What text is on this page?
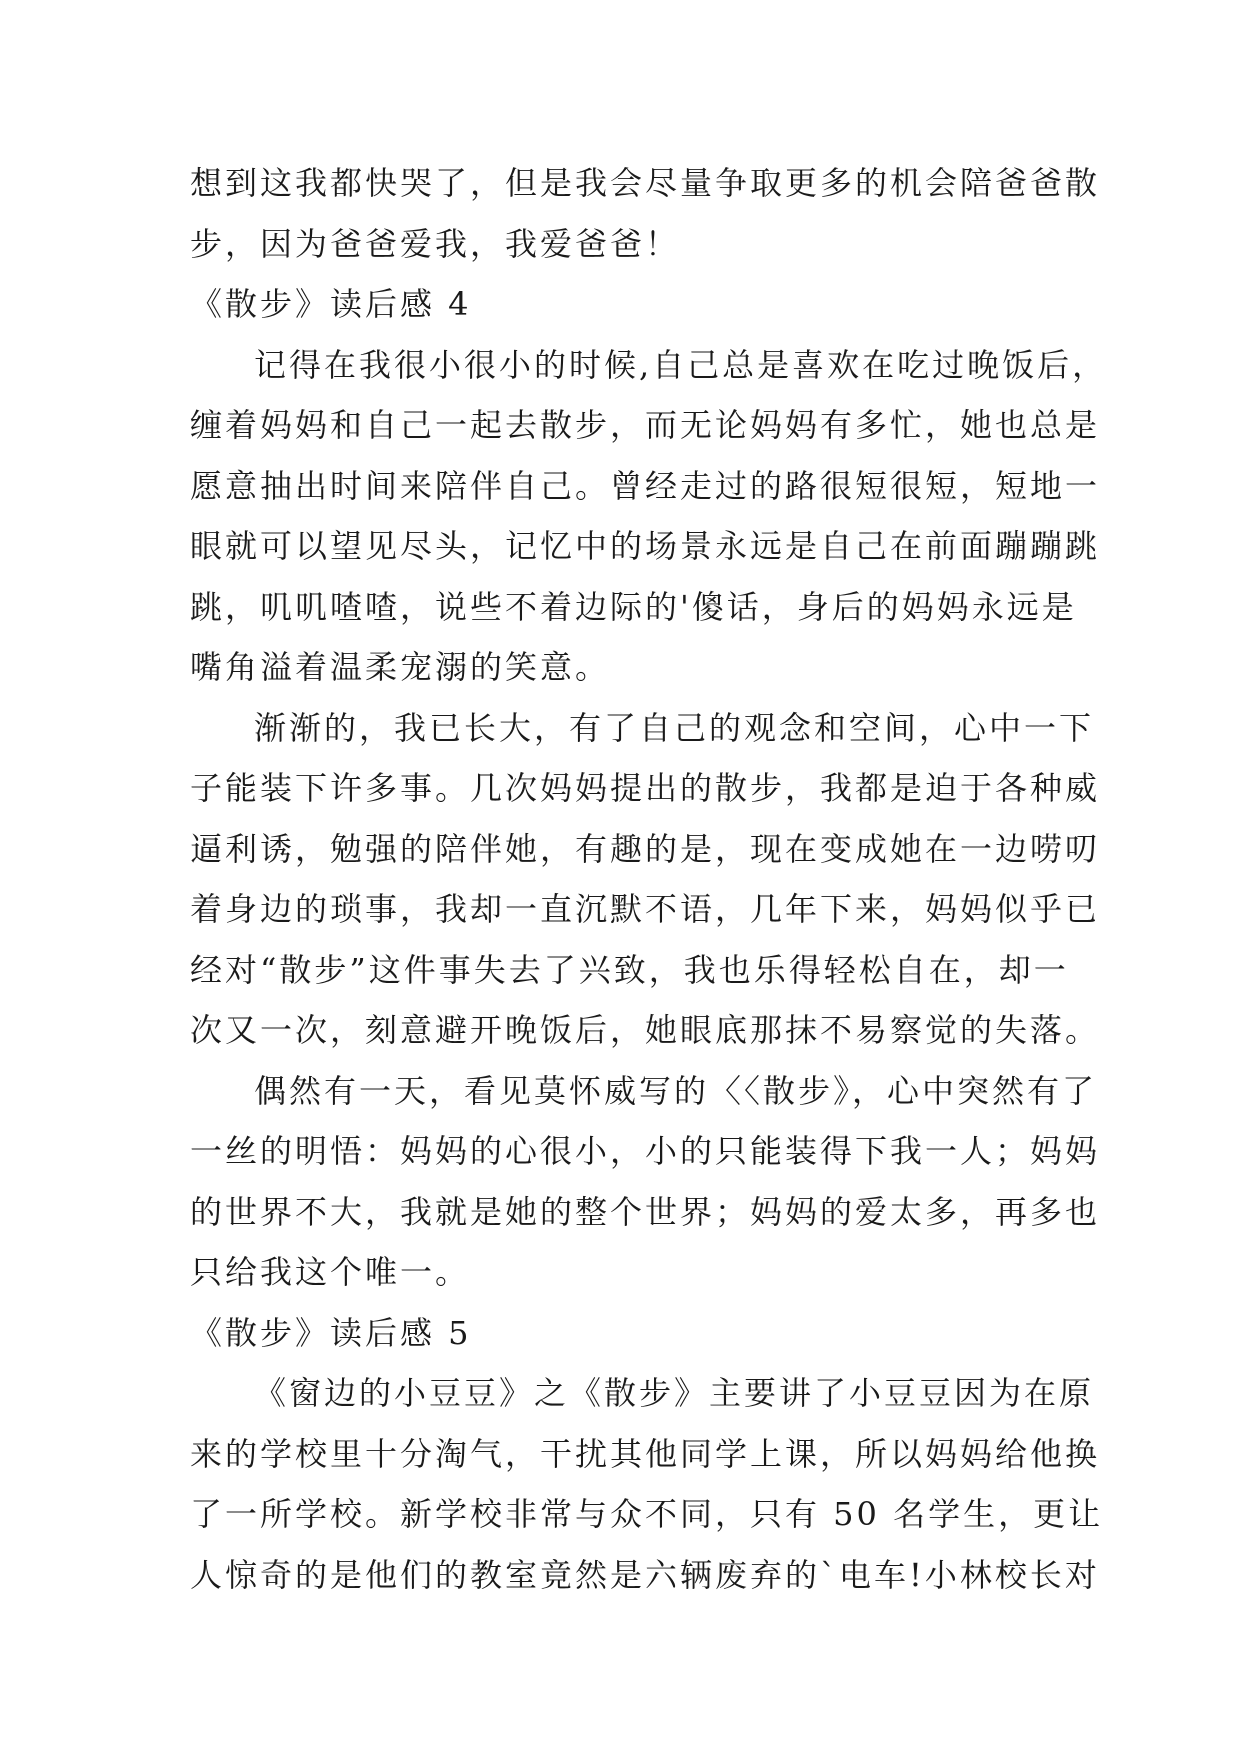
想到这我都快哭了，但是我会尽量争取更多的机会陪爸爸散
步，因为爸爸爱我，我爱爸爸！
《散步》读后感 4
记得在我很小很小的时候,自己总是喜欢在吃过晚饭后，
缠着妈妈和自己一起去散步，而无论妈妈有多忙，她也总是
愿意抽出时间来陪伴自己。曾经走过的路很短很短，短地一
眼就可以望见尽头，记忆中的场景永远是自己在前面蹦蹦跳
跳，叽叽喳喳，说些不着边际的'傻话，身后的妈妈永远是
嘴角溢着温柔宠溺的笑意。
渐渐的，我已长大，有了自己的观念和空间，心中一下
子能装下许多事。几次妈妈提出的散步，我都是迫于各种威
逼利诱，勉强的陪伴她，有趣的是，现在变成她在一边唠叨
着身边的琐事，我却一直沉默不语，几年下来，妈妈似乎已
经对“散步”这件事失去了兴致，我也乐得轻松自在，却一
次又一次，刻意避开晚饭后，她眼底那抹不易察觉的失落。
偶然有一天，看见莫怀威写的〈〈散步》，心中突然有了
一丝的明悟：妈妈的心很小，小的只能装得下我一人；妈妈
的世界不大，我就是她的整个世界；妈妈的爱太多，再多也
只给我这个唯一。
《散步》读后感 5
《窗边的小豆豆》之《散步》主要讲了小豆豆因为在原
来的学校里十分淘气，干扰其他同学上课，所以妈妈给他换
了一所学校。新学校非常与众不同，只有 50 名学生，更让
人惊奇的是他们的教室竟然是六辆废弃的`电车!小林校长对
